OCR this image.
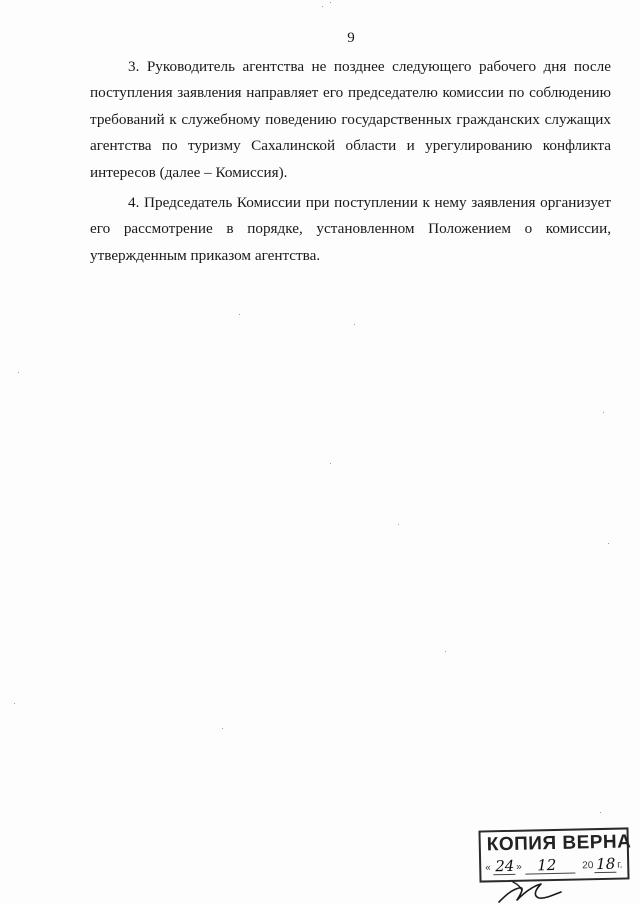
9

3. Руководитель агентства не позднее следующего рабочего дня после поступления заявления направляет его председателю комиссии по соблюдению требований к служебному поведению государственных гражданских служащих агентства по туризму Сахалинской области и урегулированию конфликта интересов (далее – Комиссия).

4. Председатель Комиссии при поступлении к нему заявления организует его рассмотрение в порядке, установленном Положением о комиссии, утвержденным приказом агентства.

КОПИЯ ВЕРНА
« 24 » 12	20 18 г.
